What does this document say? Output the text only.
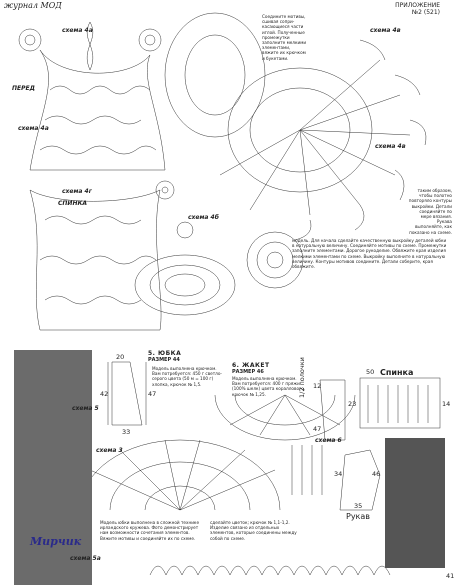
журнал МОД	ПРИЛОЖЕНИЕ
№2 (521)
схема 4а
ПЕРЕД
схема 4в
схема 4в
схема 4а
схема 4г
СПИНКА
схема 4б
схема 5
схема 5а
схема 6
схема 3
20
42	47
33
5. ЮБКА
РАЗМЕР 44
Модель выполнена крючком.
Вам потребуется: 450 г светло-серого цвета (50 м = 100 г) хлопка, крючок № 1,5.
6. ЖАКЕТ
РАЗМЕР 46
Модель выполнена крючком.
Вам потребуется: 400 г пряжи (100% шелк) цвета кораллового, крючок № 1,25.	1/2 полочки 12
23
47
Спинка
50
14
Рукав
34	46
35
Соедините мотивы, сшивая сопри- касающиеся части иглой. Полученные промежутки заполните мелкими элементами, вяжите их крючком и букетами.
таким образом, чтобы полотно повторяло контуры выкройки. Детали соединяйте по мере вязания. Рукава выполняйте, как показано на схеме.
модель. Для начала сделайте качественную выкройку деталей юбки в натуральную величину. Соединяйте мотивы по схеме. Промежутки заполните элементами. Дорогое рукоделие. Обвяжите края изделия мелкими элементами по схеме. Выкройку выполните в натуральную величину. Контуры мотивов соедините. Детали соберите, края обвяжите.
Модель юбки выполнена в сложной технике ирландского кружева. Фото демонстрирует нам возможности сочетания элементов. Вяжите мотивы и соединяйте их по схеме.
сделайте цветок; крючок № 1,1-1,2. Изделие связано из отдельных элементов, которые соединены между собой по схеме.
Мирчик
41
